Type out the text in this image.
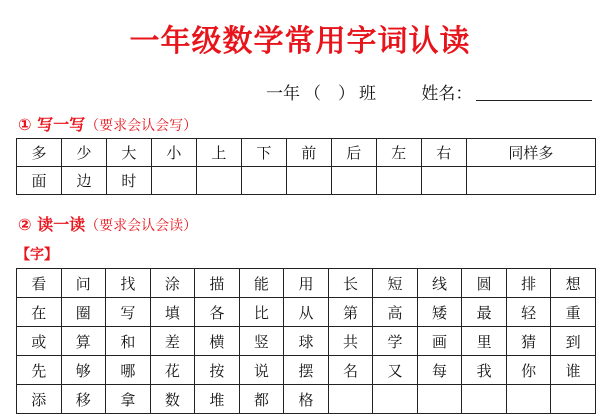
一年级数学常用字词认读
一年 （　） 班	姓名：
① 写一写（要求会认会写）
多	少	大	小	上	下	前	后	左	右	同样多
面	边	时								
② 读一读（要求会认会读）
【字】
看	问	找	涂	描	能	用	长	短	线	圆	排	想
在	圈	写	填	各	比	从	第	高	矮	最	轻	重
或	算	和	差	横	竖	球	共	学	画	里	猜	到
先	够	哪	花	按	说	摆	名	又	每	我	你	谁
添	移	拿	数	堆	都	格						
